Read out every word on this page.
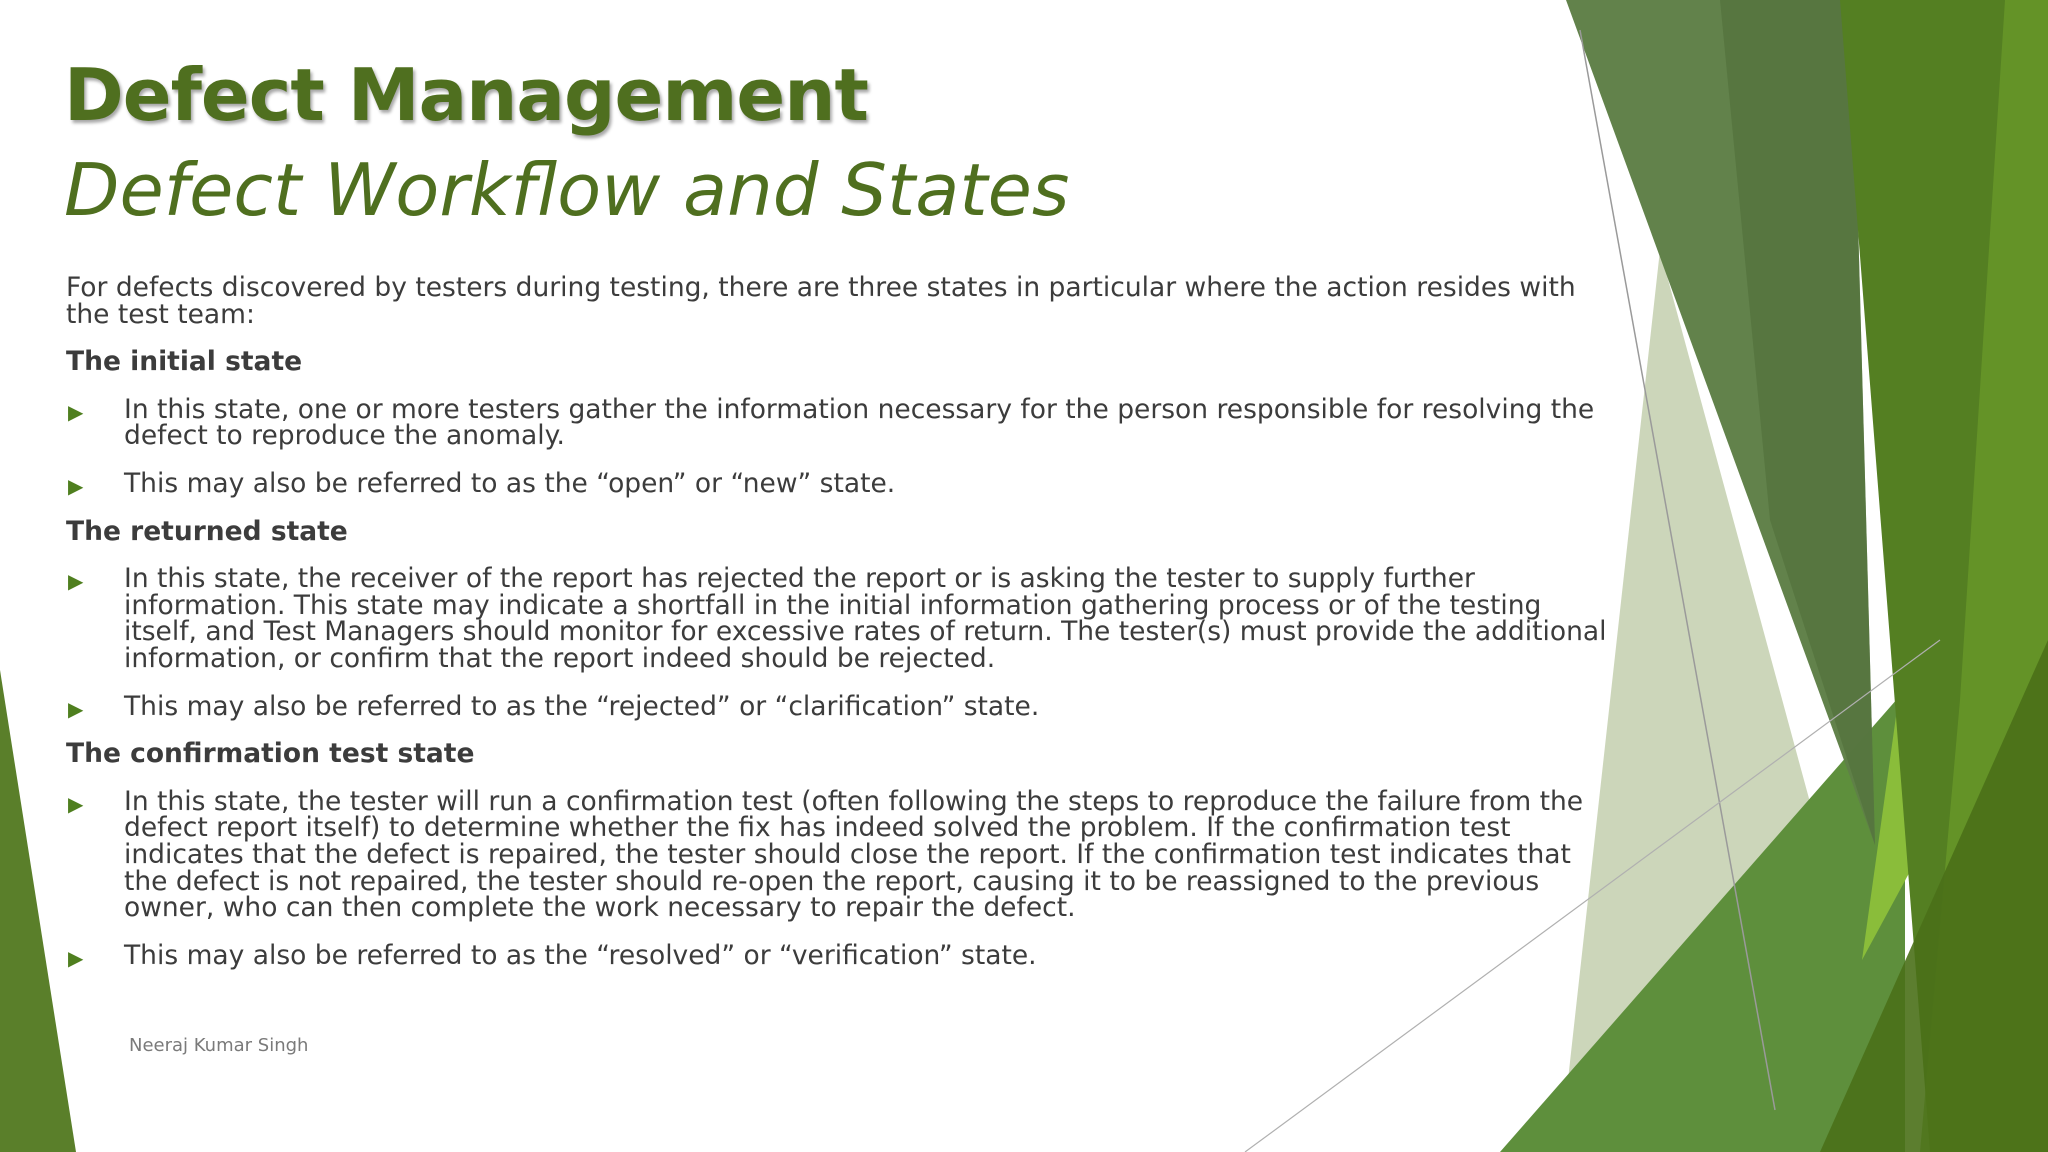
Defect Management
Defect Workflow and States

For defects discovered by testers during testing, there are three states in particular where the action resides with the test team:

The initial state
▶ In this state, one or more testers gather the information necessary for the person responsible for resolving the defect to reproduce the anomaly.
▶ This may also be referred to as the “open” or “new” state.
The returned state
▶ In this state, the receiver of the report has rejected the report or is asking the tester to supply further information. This state may indicate a shortfall in the initial information gathering process or of the testing itself, and Test Managers should monitor for excessive rates of return. The tester(s) must provide the additional information, or confirm that the report indeed should be rejected.
▶ This may also be referred to as the “rejected” or “clarification” state.
The confirmation test state
▶ In this state, the tester will run a confirmation test (often following the steps to reproduce the failure from the defect report itself) to determine whether the fix has indeed solved the problem. If the confirmation test indicates that the defect is repaired, the tester should close the report. If the confirmation test indicates that the defect is not repaired, the tester should re-open the report, causing it to be reassigned to the previous owner, who can then complete the work necessary to repair the defect.
▶ This may also be referred to as the “resolved” or “verification” state.
Neeraj Kumar Singh
